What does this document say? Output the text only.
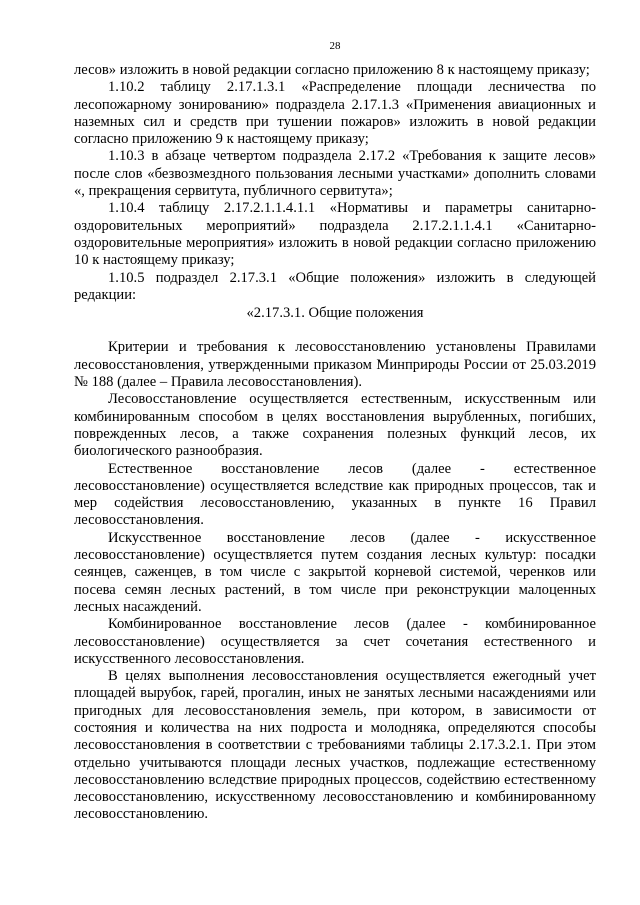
28

лесов» изложить в новой редакции согласно приложению 8 к настоящему приказу;

1.10.2 таблицу 2.17.1.3.1 «Распределение площади лесничества по лесопожарному зонированию» подраздела 2.17.1.3 «Применения авиационных и наземных сил и средств при тушении пожаров» изложить в новой редакции согласно приложению 9 к настоящему приказу;

1.10.3 в абзаце четвертом подраздела 2.17.2 «Требования к защите лесов» после слов «безвозмездного пользования лесными участками» дополнить словами «, прекращения сервитута, публичного сервитута»;

1.10.4 таблицу 2.17.2.1.1.4.1.1 «Нормативы и параметры санитарно-оздоровительных мероприятий» подраздела 2.17.2.1.1.4.1 «Санитарно-оздоровительные мероприятия» изложить в новой редакции согласно приложению 10 к настоящему приказу;

1.10.5 подраздел 2.17.3.1 «Общие положения» изложить в следующей редакции:

«2.17.3.1. Общие положения

Критерии и требования к лесовосстановлению установлены Правилами лесовосстановления, утвержденными приказом Минприроды России от 25.03.2019 № 188 (далее – Правила лесовосстановления).

Лесовосстановление осуществляется естественным, искусственным или комбинированным способом в целях восстановления вырубленных, погибших, поврежденных лесов, а также сохранения полезных функций лесов, их биологического разнообразия.

Естественное восстановление лесов (далее - естественное лесовосстановление) осуществляется вследствие как природных процессов, так и мер содействия лесовосстановлению, указанных в пункте 16 Правил лесовосстановления.

Искусственное восстановление лесов (далее - искусственное лесовосстановление) осуществляется путем создания лесных культур: посадки сеянцев, саженцев, в том числе с закрытой корневой системой, черенков или посева семян лесных растений, в том числе при реконструкции малоценных лесных насаждений.

Комбинированное восстановление лесов (далее - комбинированное лесовосстановление) осуществляется за счет сочетания естественного и искусственного лесовосстановления.

В целях выполнения лесовосстановления осуществляется ежегодный учет площадей вырубок, гарей, прогалин, иных не занятых лесными насаждениями или пригодных для лесовосстановления земель, при котором, в зависимости от состояния и количества на них подроста и молодняка, определяются способы лесовосстановления в соответствии с требованиями таблицы 2.17.3.2.1. При этом отдельно учитываются площади лесных участков, подлежащие естественному лесовосстановлению вследствие природных процессов, содействию естественному лесовосстановлению, искусственному лесовосстановлению и комбинированному лесовосстановлению.
